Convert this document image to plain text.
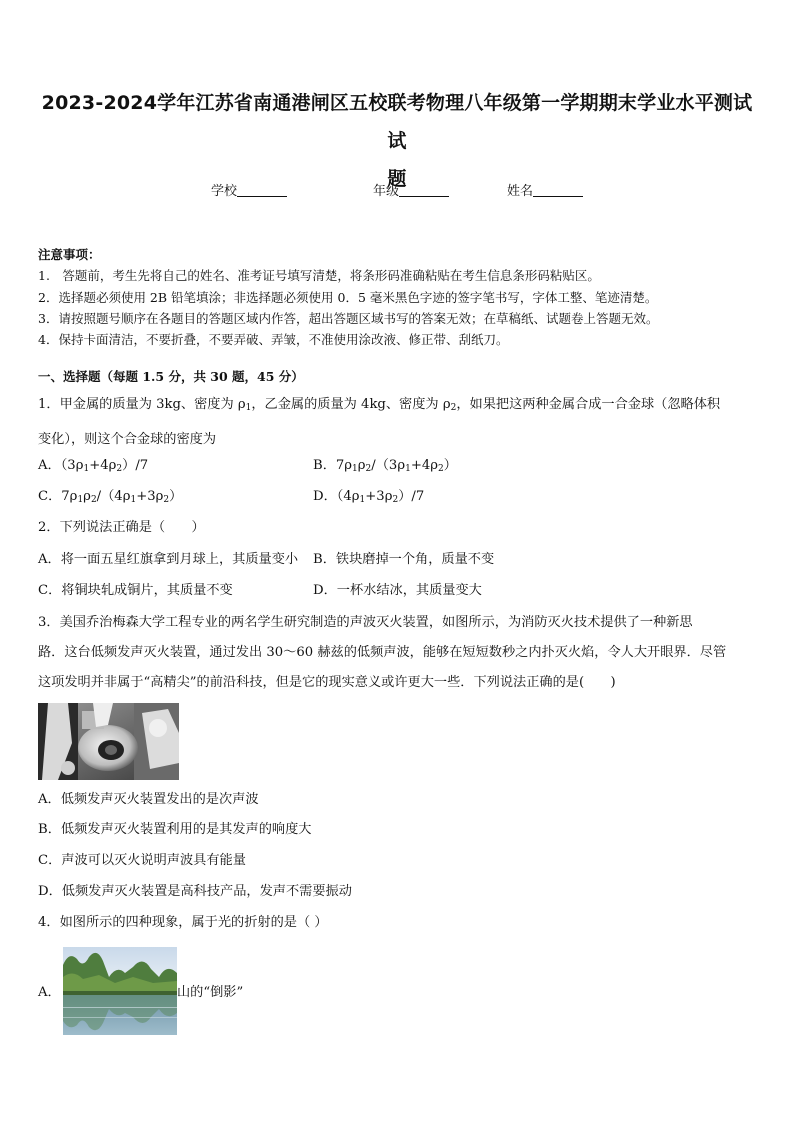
2023-2024学年江苏省南通港闸区五校联考物理八年级第一学期期末学业水平测试试
题
学校	年级	姓名
注意事项：
1.　答题前，考生先将自己的姓名、准考证号填写清楚，将条形码准确粘贴在考生信息条形码粘贴区。
2．选择题必须使用 2B 铅笔填涂；非选择题必须使用 0．5 毫米黑色字迹的签字笔书写，字体工整、笔迹清楚。
3．请按照题号顺序在各题目的答题区域内作答，超出答题区域书写的答案无效；在草稿纸、试题卷上答题无效。
4．保持卡面清洁，不要折叠，不要弄破、弄皱，不准使用涂改液、修正带、刮纸刀。
一、选择题（每题 1.5 分，共 30 题，45 分）
1．甲金属的质量为 3kg、密度为 $\rho_1$，乙金属的质量为 4kg、密度为 $\rho_2$，如果把这两种金属合成一合金球（忽略体积
变化），则这个合金球的密度为
A．$(3\rho_1+4\rho_2)/7$	B．$7\rho_1\rho_2/(3\rho_1+4\rho_2)$
C．$7\rho_1\rho_2/(4\rho_1+3\rho_2)$	D．$(4\rho_1+3\rho_2)/7$
2．下列说法正确是（　　）
A．将一面五星红旗拿到月球上，其质量变小 B．铁块磨掉一个角，质量不变
C．将铜块轧成铜片，其质量不变	D．一杯水结冰，其质量变大
3．美国乔治梅森大学工程专业的两名学生研究制造的声波灭火装置，如图所示，为消防灭火技术提供了一种新思
路．这台低频发声灭火装置，通过发出 30～60 赫兹的低频声波，能够在短短数秒之内扑灭火焰，令人大开眼界．尽管
这项发明并非属于“高精尖”的前沿科技，但是它的现实意义或许更大一些．下列说法正确的是(　　)
A．低频发声灭火装置发出的是次声波
B．低频发声灭火装置利用的是其发声的响度大
C．声波可以灭火说明声波具有能量
D．低频发声灭火装置是高科技产品，发声不需要振动
4．如图所示的四种现象，属于光的折射的是（ ）
A．	山的“倒影”
